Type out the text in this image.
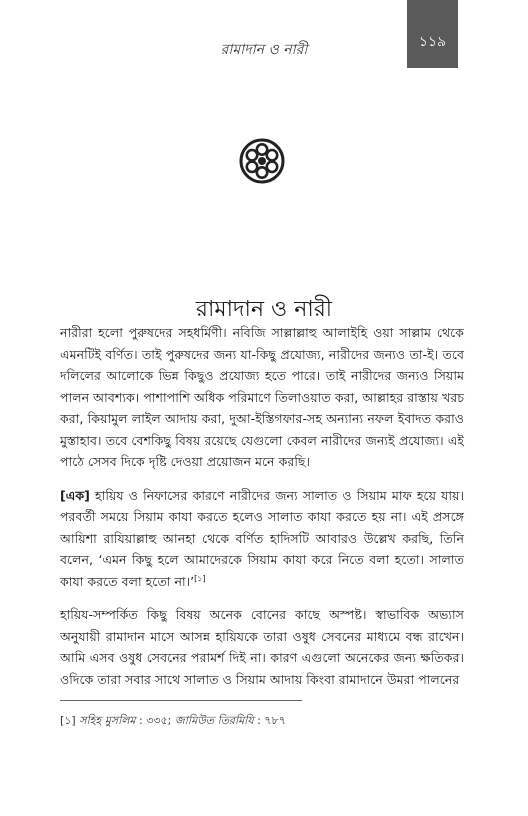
রামাদান ও নারী	১১৯
রামাদান ও নারী

নারীরা হলো পুরুষদের সহধর্মিণী। নবিজি সাল্লাল্লাহু আলাইহি ওয়া সাল্লাম থেকে এমনটিই বর্ণিত। তাই পুরুষদের জন্য যা-কিছু প্রযোজ্য, নারীদের জন্যও তা-ই। তবে দলিলের আলোকে ভিন্ন কিছুও প্রযোজ্য হতে পারে। তাই নারীদের জন্যও সিয়াম পালন আবশ্যক। পাশাপাশি অধিক পরিমাণে তিলাওয়াত করা, আল্লাহর রাস্তায় খরচ করা, কিয়ামুল লাইল আদায় করা, দুআ-ইস্তিগফার-সহ অন্যান্য নফল ইবাদত করাও মুস্তাহাব। তবে বেশকিছু বিষয় রয়েছে যেগুলো কেবল নারীদের জন্যই প্রযোজ্য। এই পাঠে সেসব দিকে দৃষ্টি দেওয়া প্রয়োজন মনে করছি।

[এক] হায়িয ও নিফাসের কারণে নারীদের জন্য সালাত ও সিয়াম মাফ হয়ে যায়। পরবর্তী সময়ে সিয়াম কাযা করতে হলেও সালাত কাযা করতে হয় না। এই প্রসঙ্গে আয়িশা রাযিয়াল্লাহু আনহা থেকে বর্ণিত হাদিসটি আবারও উল্লেখ করছি, তিনি বলেন, ‘এমন কিছু হলে আমাদেরকে সিয়াম কাযা করে নিতে বলা হতো। সালাত কাযা করতে বলা হতো না।’[১]

হায়িয-সম্পর্কিত কিছু বিষয় অনেক বোনের কাছে অস্পষ্ট। স্বাভাবিক অভ্যাস অনুযায়ী রামাদান মাসে আসন্ন হায়িযকে তারা ওষুধ সেবনের মাধ্যমে বন্ধ রাখেন। আমি এসব ওষুধ সেবনের পরামর্শ দিই না। কারণ এগুলো অনেকের জন্য ক্ষতিকর। ওদিকে তারা সবার সাথে সালাত ও সিয়াম আদায় কিংবা রামাদানে উমরা পালনের

[১] সহিহ মুসলিম : ৩৩৫; জামিউত তিরমিযি : ৭৮৭
